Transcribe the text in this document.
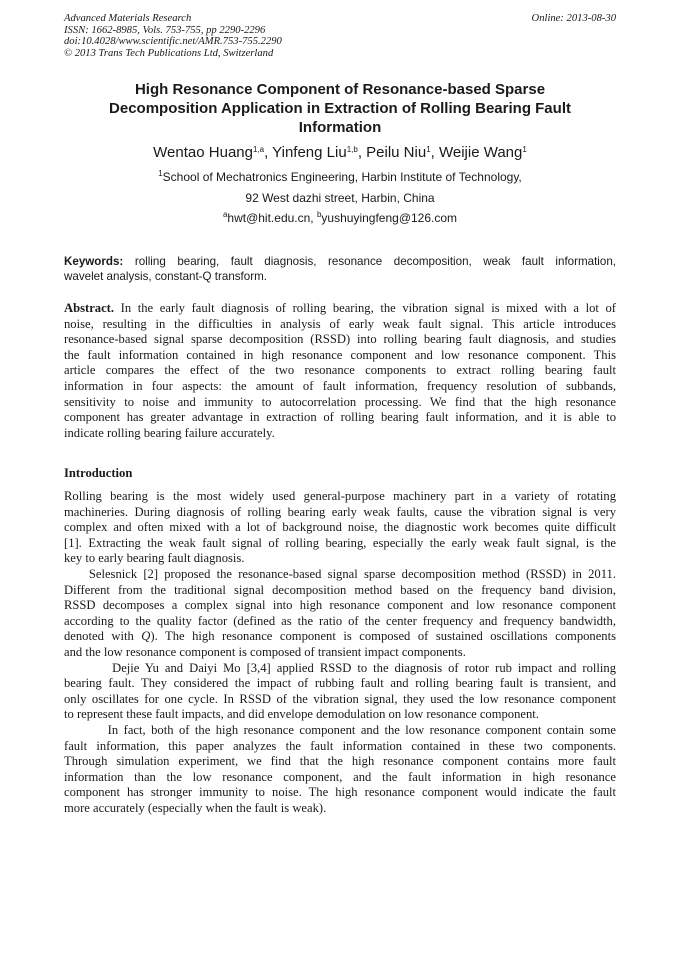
Advanced Materials Research	Online: 2013-08-30
ISSN: 1662-8985, Vols. 753-755, pp 2290-2296
doi:10.4028/www.scientific.net/AMR.753-755.2290
© 2013 Trans Tech Publications Ltd, Switzerland
High Resonance Component of Resonance-based Sparse
Decomposition Application in Extraction of Rolling Bearing Fault
Information
Wentao Huang$^{1,a}$, Yinfeng Liu$^{1,b}$, Peilu Niu$^1$, Weijie Wang$^1$
$^1$School of Mechatronics Engineering, Harbin Institute of Technology,
92 West dazhi street, Harbin, China
$^a$hwt@hit.edu.cn, $^b$yushuyingfeng@126.com
Keywords: rolling bearing, fault diagnosis, resonance decomposition, weak fault information,
wavelet analysis, constant-Q transform.
Abstract. In the early fault diagnosis of rolling bearing, the vibration signal is mixed with a lot of
noise, resulting in the difficulties in analysis of early weak fault signal. This article introduces
resonance-based signal sparse decomposition (RSSD) into rolling bearing fault diagnosis, and studies
the fault information contained in high resonance component and low resonance component. This
article compares the effect of the two resonance components to extract rolling bearing fault
information in four aspects: the amount of fault information, frequency resolution of subbands,
sensitivity to noise and immunity to autocorrelation processing. We find that the high resonance
component has greater advantage in extraction of rolling bearing fault information, and it is able to
indicate rolling bearing failure accurately.
Introduction
Rolling bearing is the most widely used general-purpose machinery part in a variety of rotating
machineries. During diagnosis of rolling bearing early weak faults, cause the vibration signal is very
complex and often mixed with a lot of background noise, the diagnostic work becomes quite difficult
[1]. Extracting the weak fault signal of rolling bearing, especially the early weak fault signal, is the
key to early bearing fault diagnosis.
Selesnick [2] proposed the resonance-based signal sparse decomposition method (RSSD) in 2011.
Different from the traditional signal decomposition method based on the frequency band division,
RSSD decomposes a complex signal into high resonance component and low resonance component
according to the quality factor (defined as the ratio of the center frequency and frequency bandwidth,
denoted with Q). The high resonance component is composed of sustained oscillations components
and the low resonance component is composed of transient impact components.
Dejie Yu and Daiyi Mo [3,4] applied RSSD to the diagnosis of rotor rub impact and rolling
bearing fault. They considered the impact of rubbing fault and rolling bearing fault is transient, and
only oscillates for one cycle. In RSSD of the vibration signal, they used the low resonance component
to represent these fault impacts, and did envelope demodulation on low resonance component.
In fact, both of the high resonance component and the low resonance component contain some
fault information, this paper analyzes the fault information contained in these two components.
Through simulation experiment, we find that the high resonance component contains more fault
information than the low resonance component, and the fault information in high resonance
component has stronger immunity to noise. The high resonance component would indicate the fault
more accurately (especially when the fault is weak).
